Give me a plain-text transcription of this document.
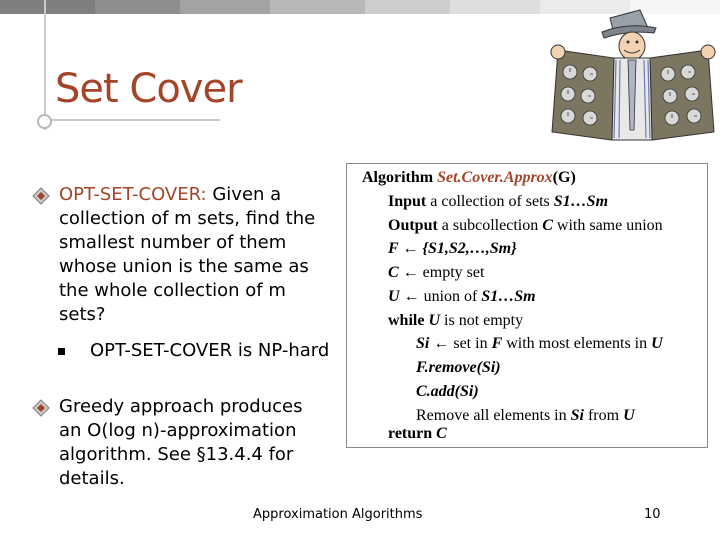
Set Cover
OPT-SET-COVER: Given a collection of m sets, find the smallest number of them whose union is the same as the whole collection of m sets?
OPT-SET-COVER is NP-hard
Greedy approach produces an O(log n)-approximation algorithm. See §13.4.4 for details.
Algorithm Set.Cover.Approx(G)
Input a collection of sets S1…Sm
Output a subcollection C with same union
F ← {S1,S2,…,Sm}
C ← empty set
U ← union of S1…Sm
while U is not empty
Si ← set in F with most elements in U
F.remove(Si)
C.add(Si)
Remove all elements in Si from U
return C
Approximation Algorithms	10
